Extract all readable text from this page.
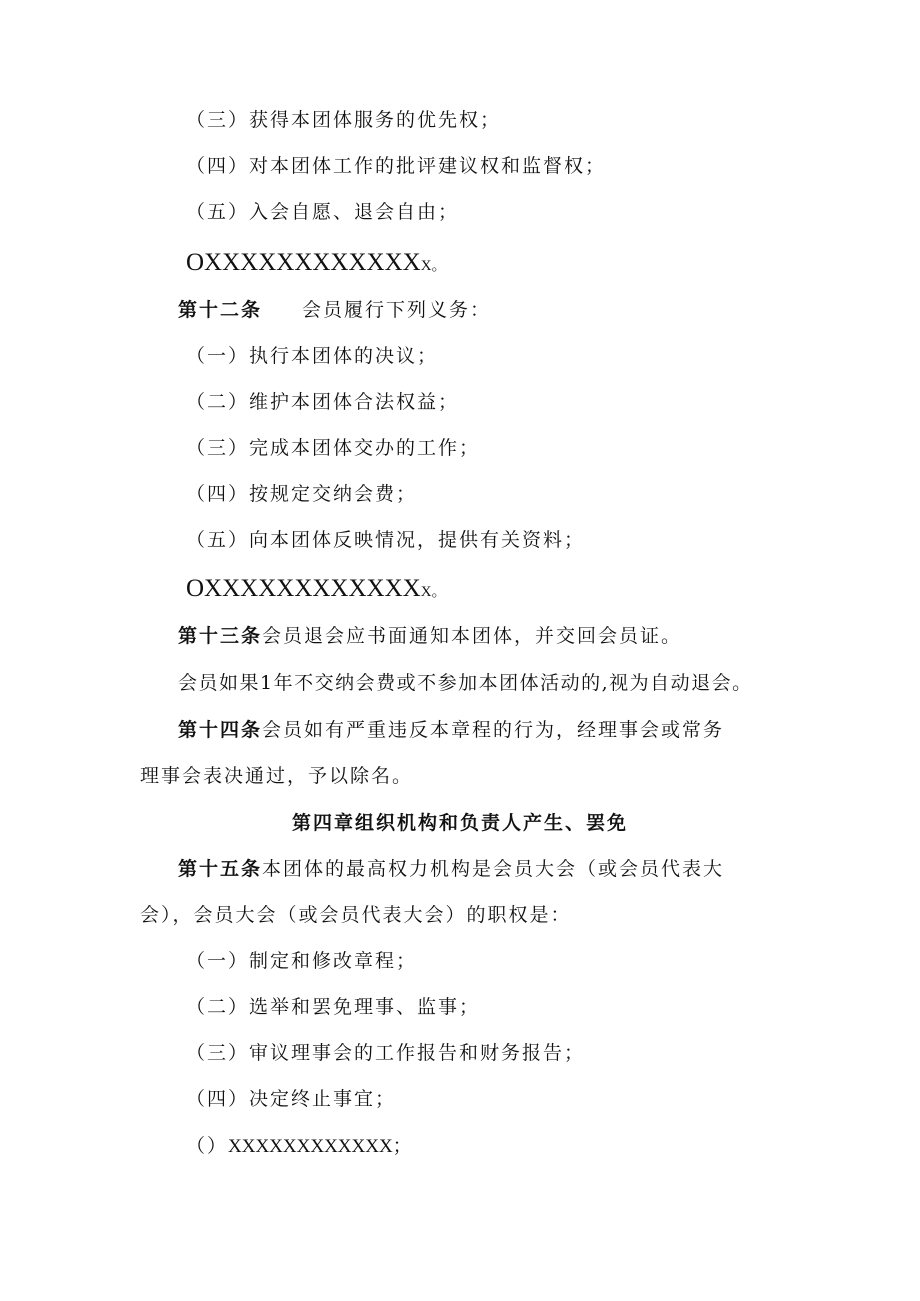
（三）获得本团体服务的优先权；
（四）对本团体工作的批评建议权和监督权；
（五）入会自愿、退会自由；
OXXXXXXXXXXXXX。
第十二条 会员履行下列义务：
（一）执行本团体的决议；
（二）维护本团体合法权益；
（三）完成本团体交办的工作；
（四）按规定交纳会费；
（五）向本团体反映情况，提供有关资料；
OXXXXXXXXXXXXX。
第十三条会员退会应书面通知本团体，并交回会员证。
会员如果1年不交纳会费或不参加本团体活动的,视为自动退会。
第十四条会员如有严重违反本章程的行为，经理事会或常务
理事会表决通过，予以除名。
第四章组织机构和负责人产生、罢免
第十五条本团体的最高权力机构是会员大会（或会员代表大
会），会员大会（或会员代表大会）的职权是：
（一）制定和修改章程；
（二）选举和罢免理事、监事；
（三）审议理事会的工作报告和财务报告；
（四）决定终止事宜；
（）XXXXXXXXXXXX；
